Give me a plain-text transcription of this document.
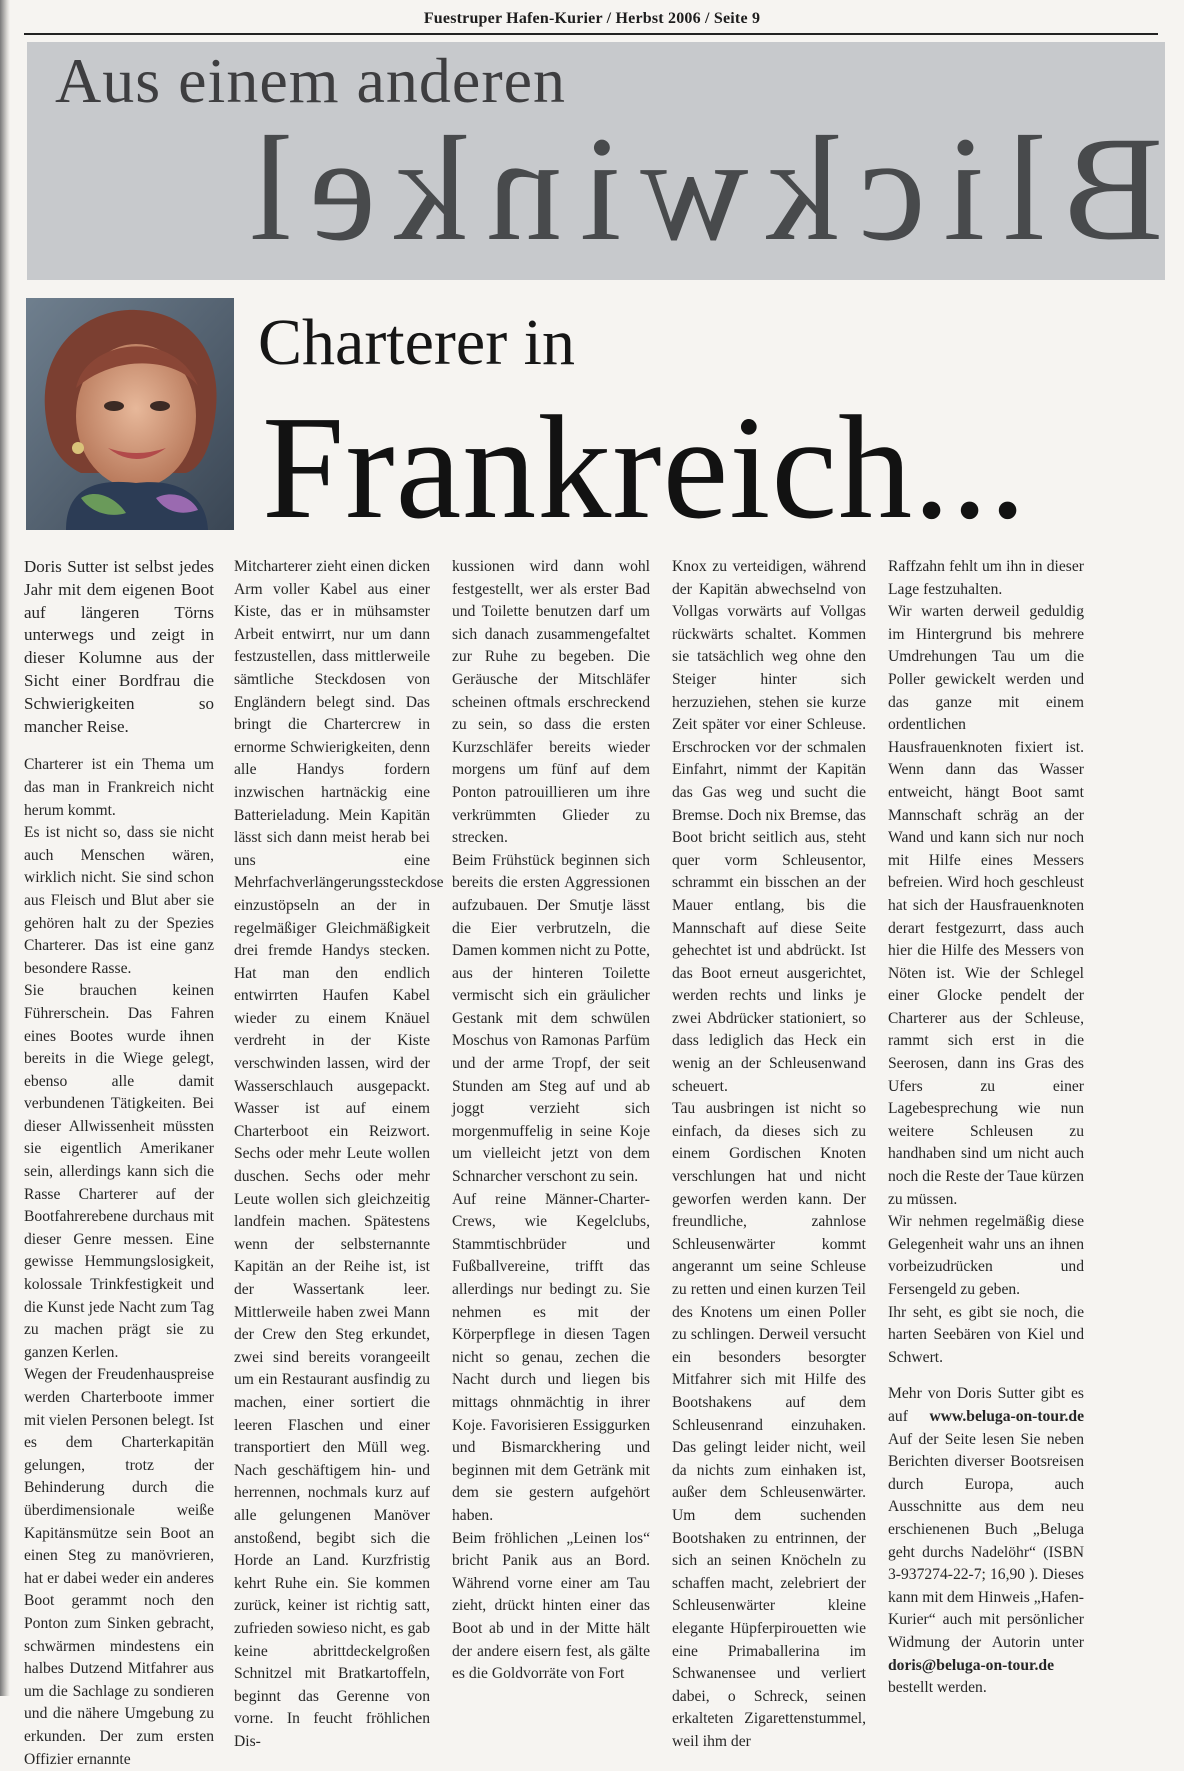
Fuestruper Hafen-Kurier / Herbst 2006 / Seite 9
Aus einem anderen
Blickwinkel
Charterer in
Frankreich...

Doris Sutter ist selbst jedes Jahr mit dem eigenen Boot auf längeren Törns unterwegs und zeigt in dieser Kolumne aus der Sicht einer Bordfrau die Schwierigkeiten so mancher Reise.

Charterer ist ein Thema um das man in Frankreich nicht herum kommt.

Es ist nicht so, dass sie nicht auch Menschen wären, wirklich nicht. Sie sind schon aus Fleisch und Blut aber sie gehören halt zu der Spezies Charterer. Das ist eine ganz besondere Rasse.

Sie brauchen keinen Führerschein. Das Fahren eines Bootes wurde ihnen bereits in die Wiege gelegt, ebenso alle damit verbundenen Tätigkeiten. Bei dieser Allwissenheit müssten sie eigentlich Amerikaner sein, allerdings kann sich die Rasse Charterer auf der Bootfahrerebene durchaus mit dieser Genre messen. Eine gewisse Hemmungslosigkeit, kolossale Trinkfestigkeit und die Kunst jede Nacht zum Tag zu machen prägt sie zu ganzen Kerlen.

Wegen der Freudenhauspreise werden Charterboote immer mit vielen Personen belegt. Ist es dem Charterkapitän gelungen, trotz der Behinderung durch die überdimensionale weiße Kapitänsmütze sein Boot an einen Steg zu manövrieren, hat er dabei weder ein anderes Boot gerammt noch den Ponton zum Sinken gebracht, schwärmen mindestens ein halbes Dutzend Mitfahrer aus um die Sachlage zu sondieren und die nähere Umgebung zu erkunden. Der zum ersten Offizier ernannte

Mitcharterer zieht einen dicken Arm voller Kabel aus einer Kiste, das er in mühsamster Arbeit entwirrt, nur um dann festzustellen, dass mittlerweile sämtliche Steckdosen von Engländern belegt sind. Das bringt die Chartercrew in ernorme Schwierigkeiten, denn alle Handys fordern inzwischen hartnäckig eine Batterieladung. Mein Kapitän lässt sich dann meist herab bei uns eine Mehrfachverlängerungssteckdose einzustöpseln an der in regelmäßiger Gleichmäßigkeit drei fremde Handys stecken. Hat man den endlich entwirrten Haufen Kabel wieder zu einem Knäuel verdreht in der Kiste verschwinden lassen, wird der Wasserschlauch ausgepackt. Wasser ist auf einem Charterboot ein Reizwort. Sechs oder mehr Leute wollen duschen. Sechs oder mehr Leute wollen sich gleichzeitig landfein machen. Spätestens wenn der selbsternannte Kapitän an der Reihe ist, ist der Wassertank leer. Mittlerweile haben zwei Mann der Crew den Steg erkundet, zwei sind bereits vorangeeilt um ein Restaurant ausfindig zu machen, einer sortiert die leeren Flaschen und einer transportiert den Müll weg. Nach geschäftigem hin- und herrennen, nochmals kurz auf alle gelungenen Manöver anstoßend, begibt sich die Horde an Land. Kurzfristig kehrt Ruhe ein. Sie kommen zurück, keiner ist richtig satt, zufrieden sowieso nicht, es gab keine abrittdeckelgroßen Schnitzel mit Bratkartoffeln, beginnt das Gerenne von vorne. In feucht fröhlichen Dis-

kussionen wird dann wohl festgestellt, wer als erster Bad und Toilette benutzen darf um sich danach zusammengefaltet zur Ruhe zu begeben. Die Geräusche der Mitschläfer scheinen oftmals erschreckend zu sein, so dass die ersten Kurzschläfer bereits wieder morgens um fünf auf dem Ponton patrouillieren um ihre verkrümmten Glieder zu strecken.

Beim Frühstück beginnen sich bereits die ersten Aggressionen aufzubauen. Der Smutje lässt die Eier verbrutzeln, die Damen kommen nicht zu Potte, aus der hinteren Toilette vermischt sich ein gräulicher Gestank mit dem schwülen Moschus von Ramonas Parfüm und der arme Tropf, der seit Stunden am Steg auf und ab joggt verzieht sich morgenmuffelig in seine Koje um vielleicht jetzt von dem Schnarcher verschont zu sein.

Auf reine Männer-Charter-Crews, wie Kegelclubs, Stammtischbrüder und Fußballvereine, trifft das allerdings nur bedingt zu. Sie nehmen es mit der Körperpflege in diesen Tagen nicht so genau, zechen die Nacht durch und liegen bis mittags ohnmächtig in ihrer Koje. Favorisieren Essiggurken und Bismarckhering und beginnen mit dem Getränk mit dem sie gestern aufgehört haben.

Beim fröhlichen „Leinen los“ bricht Panik aus an Bord. Während vorne einer am Tau zieht, drückt hinten einer das Boot ab und in der Mitte hält der andere eisern fest, als gälte es die Goldvorräte von Fort

Knox zu verteidigen, während der Kapitän abwechselnd von Vollgas vorwärts auf Vollgas rückwärts schaltet. Kommen sie tatsächlich weg ohne den Steiger hinter sich herzuziehen, stehen sie kurze Zeit später vor einer Schleuse. Erschrocken vor der schmalen Einfahrt, nimmt der Kapitän das Gas weg und sucht die Bremse. Doch nix Bremse, das Boot bricht seitlich aus, steht quer vorm Schleusentor, schrammt ein bisschen an der Mauer entlang, bis die Mannschaft auf diese Seite gehechtet ist und abdrückt. Ist das Boot erneut ausgerichtet, werden rechts und links je zwei Abdrücker stationiert, so dass lediglich das Heck ein wenig an der Schleusenwand scheuert.

Tau ausbringen ist nicht so einfach, da dieses sich zu einem Gordischen Knoten verschlungen hat und nicht geworfen werden kann. Der freundliche, zahnlose Schleusenwärter kommt angerannt um seine Schleuse zu retten und einen kurzen Teil des Knotens um einen Poller zu schlingen. Derweil versucht ein besonders besorgter Mitfahrer sich mit Hilfe des Bootshakens auf dem Schleusenrand einzuhaken. Das gelingt leider nicht, weil da nichts zum einhaken ist, außer dem Schleusenwärter. Um dem suchenden Bootshaken zu entrinnen, der sich an seinen Knöcheln zu schaffen macht, zelebriert der Schleusenwärter kleine elegante Hüpferpirouetten wie eine Primaballerina im Schwanensee und verliert dabei, o Schreck, seinen erkalteten Zigarettenstummel, weil ihm der

Raffzahn fehlt um ihn in dieser Lage festzuhalten.

Wir warten derweil geduldig im Hintergrund bis mehrere Umdrehungen Tau um die Poller gewickelt werden und das ganze mit einem ordentlichen Hausfrauenknoten fixiert ist. Wenn dann das Wasser entweicht, hängt Boot samt Mannschaft schräg an der Wand und kann sich nur noch mit Hilfe eines Messers befreien. Wird hoch geschleust hat sich der Hausfrauenknoten derart festgezurrt, dass auch hier die Hilfe des Messers von Nöten ist. Wie der Schlegel einer Glocke pendelt der Charterer aus der Schleuse, rammt sich erst in die Seerosen, dann ins Gras des Ufers zu einer Lagebesprechung wie nun weitere Schleusen zu handhaben sind um nicht auch noch die Reste der Taue kürzen zu müssen.

Wir nehmen regelmäßig diese Gelegenheit wahr uns an ihnen vorbeizudrücken und Fersengeld zu geben.

Ihr seht, es gibt sie noch, die harten Seebären von Kiel und Schwert.

Mehr von Doris Sutter gibt es auf www.beluga-on-tour.de Auf der Seite lesen Sie neben Berichten diverser Bootsreisen durch Europa, auch Ausschnitte aus dem neu erschienenen Buch „Beluga geht durchs Nadelöhr“ (ISBN 3-937274-22-7; 16,90 ). Dieses kann mit dem Hinweis „Hafen-Kurier“ auch mit persönlicher Widmung der Autorin unter doris@beluga-on-tour.de bestellt werden.
